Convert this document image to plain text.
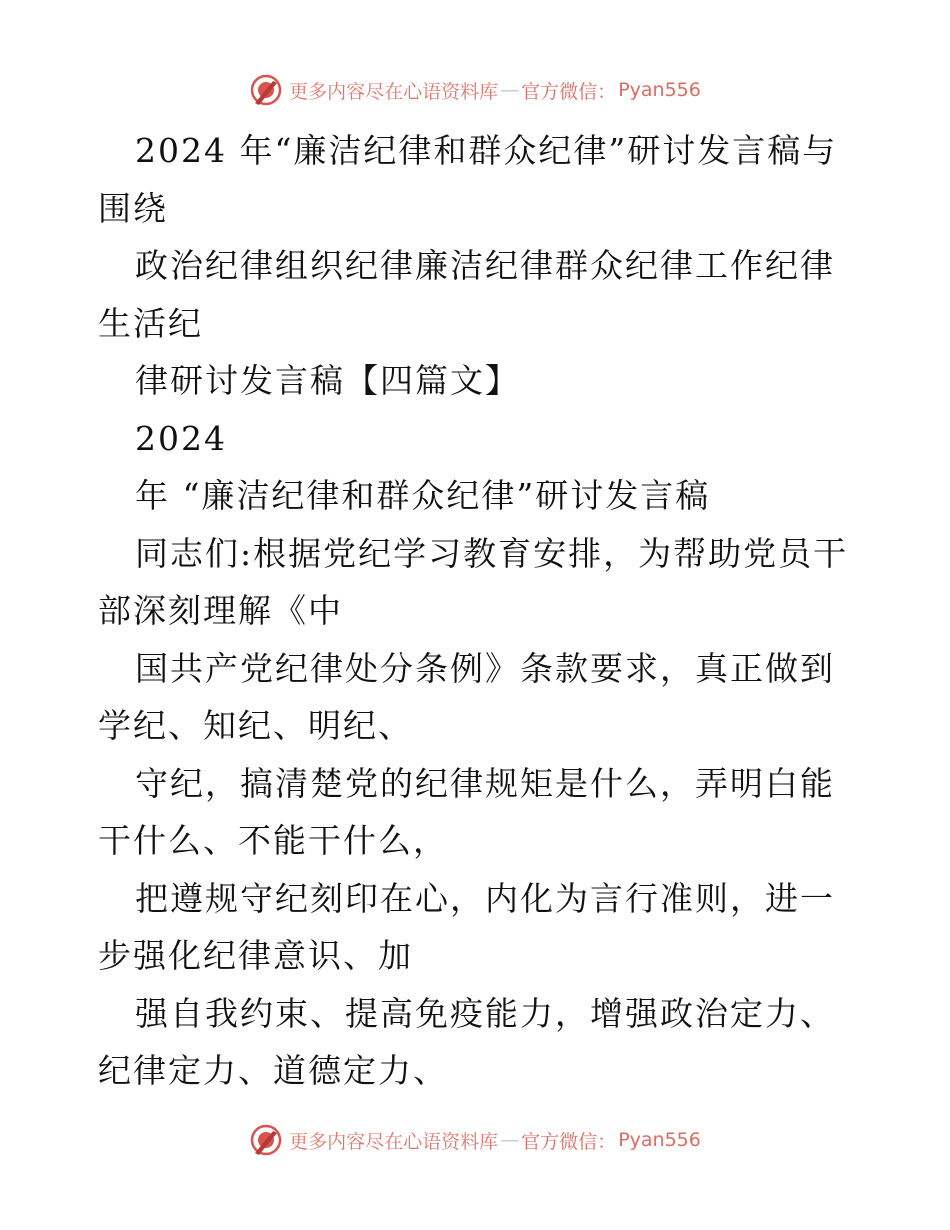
更多内容尽在心语资料库 — 官方微信： Pyan556

2024 年“廉洁纪律和群众纪律”研讨发言稿与围绕

政治纪律组织纪律廉洁纪律群众纪律工作纪律生活纪

律研讨发言稿【四篇文】

2024

年 “廉洁纪律和群众纪律”研讨发言稿

同志们:根据党纪学习教育安排，为帮助党员干部深刻理解《中

国共产党纪律处分条例》条款要求，真正做到学纪、知纪、明纪、

守纪，搞清楚党的纪律规矩是什么，弄明白能干什么、不能干什么，

把遵规守纪刻印在心，内化为言行准则，进一步强化纪律意识、加

强自我约束、提高免疫能力，增强政治定力、纪律定力、道德定力、

更多内容尽在心语资料库 — 官方微信： Pyan556
